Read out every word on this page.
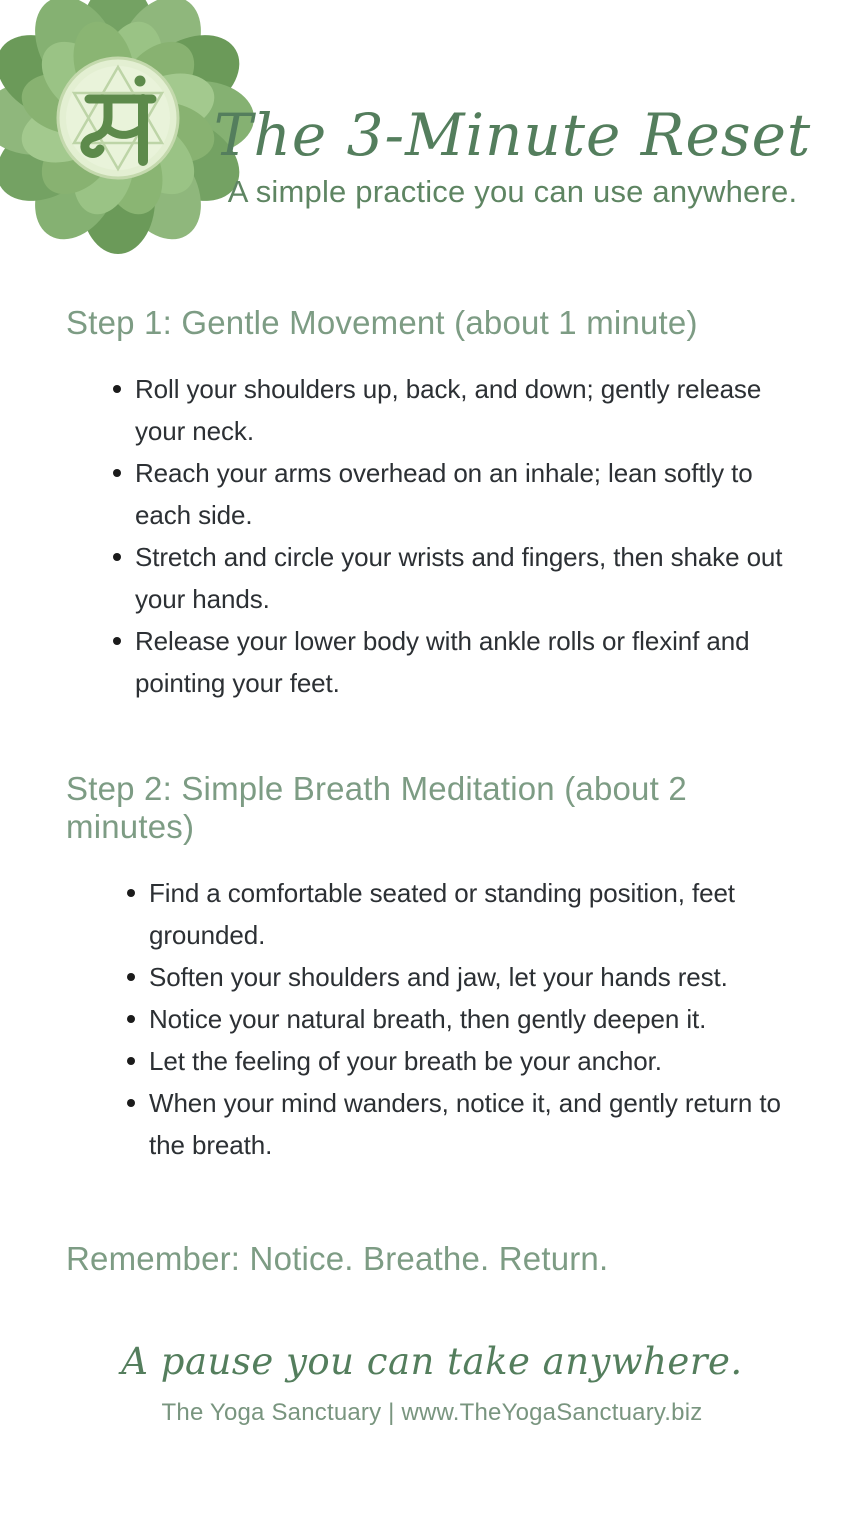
The 3-Minute Reset

A simple practice you can use anywhere.

Step 1: Gentle Movement (about 1 minute)
Roll your shoulders up, back, and down; gently release your neck.
Reach your arms overhead on an inhale; lean softly to each side.
Stretch and circle your wrists and fingers, then shake out your hands.
Release your lower body with ankle rolls or flexinf and pointing your feet.
Step 2: Simple Breath Meditation (about 2 minutes)
Find a comfortable seated or standing position, feet grounded.
Soften your shoulders and jaw, let your hands rest.
Notice your natural breath, then gently deepen it.
Let the feeling of your breath be your anchor.
When your mind wanders, notice it, and gently return to the breath.

Remember: Notice. Breathe. Return.

A pause you can take anywhere.

The Yoga Sanctuary | www.TheYogaSanctuary.biz
